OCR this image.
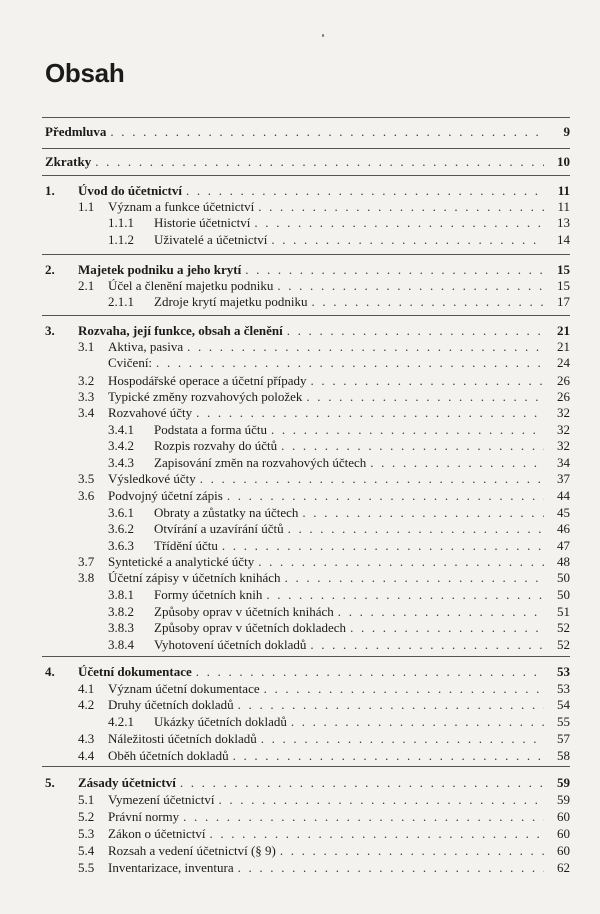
Obsah
Předmluva . . .	9
Zkratky . . .	10
1. Úvod do účetnictví . . .	11
1.1 Význam a funkce účetnictví . . .	11
1.1.1 Historie účetnictví . . .	13
1.1.2 Uživatelé a účetnictví . . .	14
2. Majetek podniku a jeho krytí . . .	15
2.1 Účel a členění majetku podniku . . .	15
2.1.1 Zdroje krytí majetku podniku . . .	17
3. Rozvaha, její funkce, obsah a členění . . .	21
3.1 Aktiva, pasiva . . .	21
Cvičení: . . .	24
3.2 Hospodářské operace a účetní případy . . .	26
3.3 Typické změny rozvahových položek . . .	26
3.4 Rozvahové účty . . .	32
3.4.1 Podstata a forma účtu . . .	32
3.4.2 Rozpis rozvahy do účtů . . .	32
3.4.3 Zapisování změn na rozvahových účtech . . .	34
3.5 Výsledkové účty . . .	37
3.6 Podvojný účetní zápis . . .	44
3.6.1 Obraty a zůstatky na účtech . . .	45
3.6.2 Otvírání a uzavírání účtů . . .	46
3.6.3 Třídění účtu . . .	47
3.7 Syntetické a analytické účty . . .	48
3.8 Účetní zápisy v účetních knihách . . .	50
3.8.1 Formy účetních knih . . .	50
3.8.2 Způsoby oprav v účetních knihách . . .	51
3.8.3 Způsoby oprav v účetních dokladech . . .	52
3.8.4 Vyhotovení účetních dokladů . . .	52
4. Účetní dokumentace . . .	53
4.1 Význam účetní dokumentace . . .	53
4.2 Druhy účetních dokladů . . .	54
4.2.1 Ukázky účetních dokladů . . .	55
4.3 Náležitosti účetních dokladů . . .	57
4.4 Oběh účetních dokladů . . .	58
5. Zásady účetnictví . . .	59
5.1 Vymezení účetnictví . . .	59
5.2 Právní normy . . .	60
5.3 Zákon o účetnictví . . .	60
5.4 Rozsah a vedení účetnictví (§ 9) . . .	60
5.5 Inventarizace, inventura . . .	62
